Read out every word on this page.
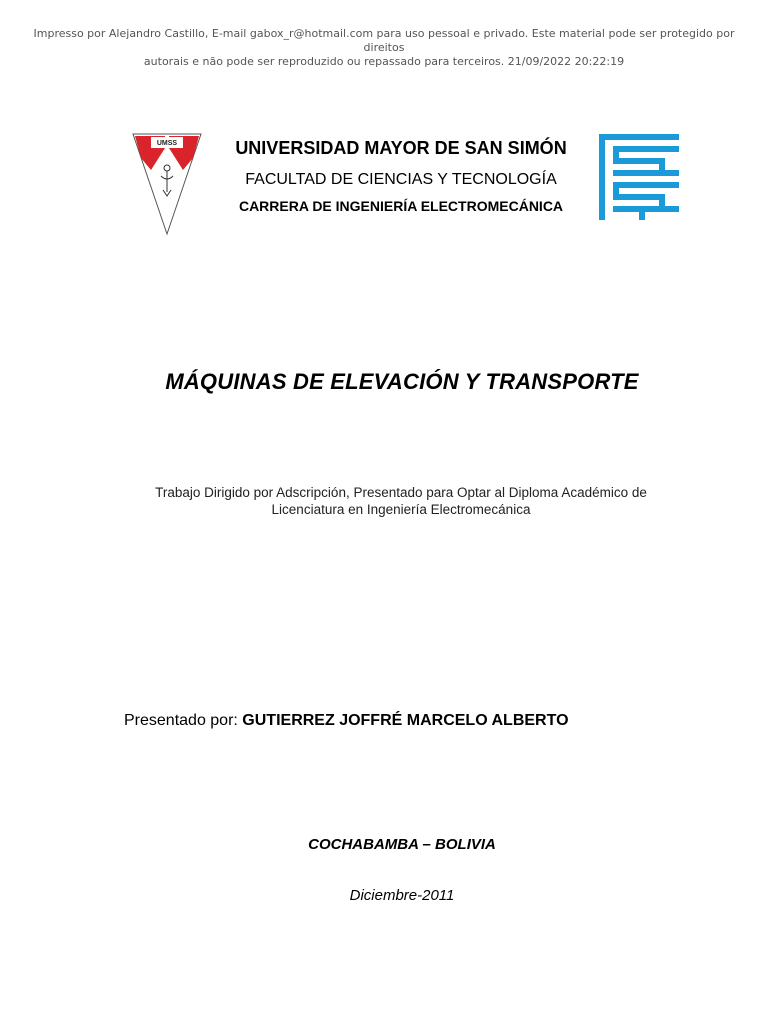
Impresso por Alejandro Castillo, E-mail gabox_r@hotmail.com para uso pessoal e privado. Este material pode ser protegido por direitos
autorais e não pode ser reproduzido ou repassado para terceiros. 21/09/2022 20:22:19
UMSS	UNIVERSIDAD MAYOR DE SAN SIMÓN
FACULTAD DE CIENCIAS Y TECNOLOGÍA
CARRERA DE INGENIERÍA ELECTROMECÁNICA
MÁQUINAS DE ELEVACIÓN Y TRANSPORTE
Trabajo Dirigido por Adscripción, Presentado para Optar al Diploma Académico de
Licenciatura en Ingeniería Electromecánica
Presentado por: GUTIERREZ JOFFRÉ MARCELO ALBERTO
COCHABAMBA – BOLIVIA
Diciembre-2011
